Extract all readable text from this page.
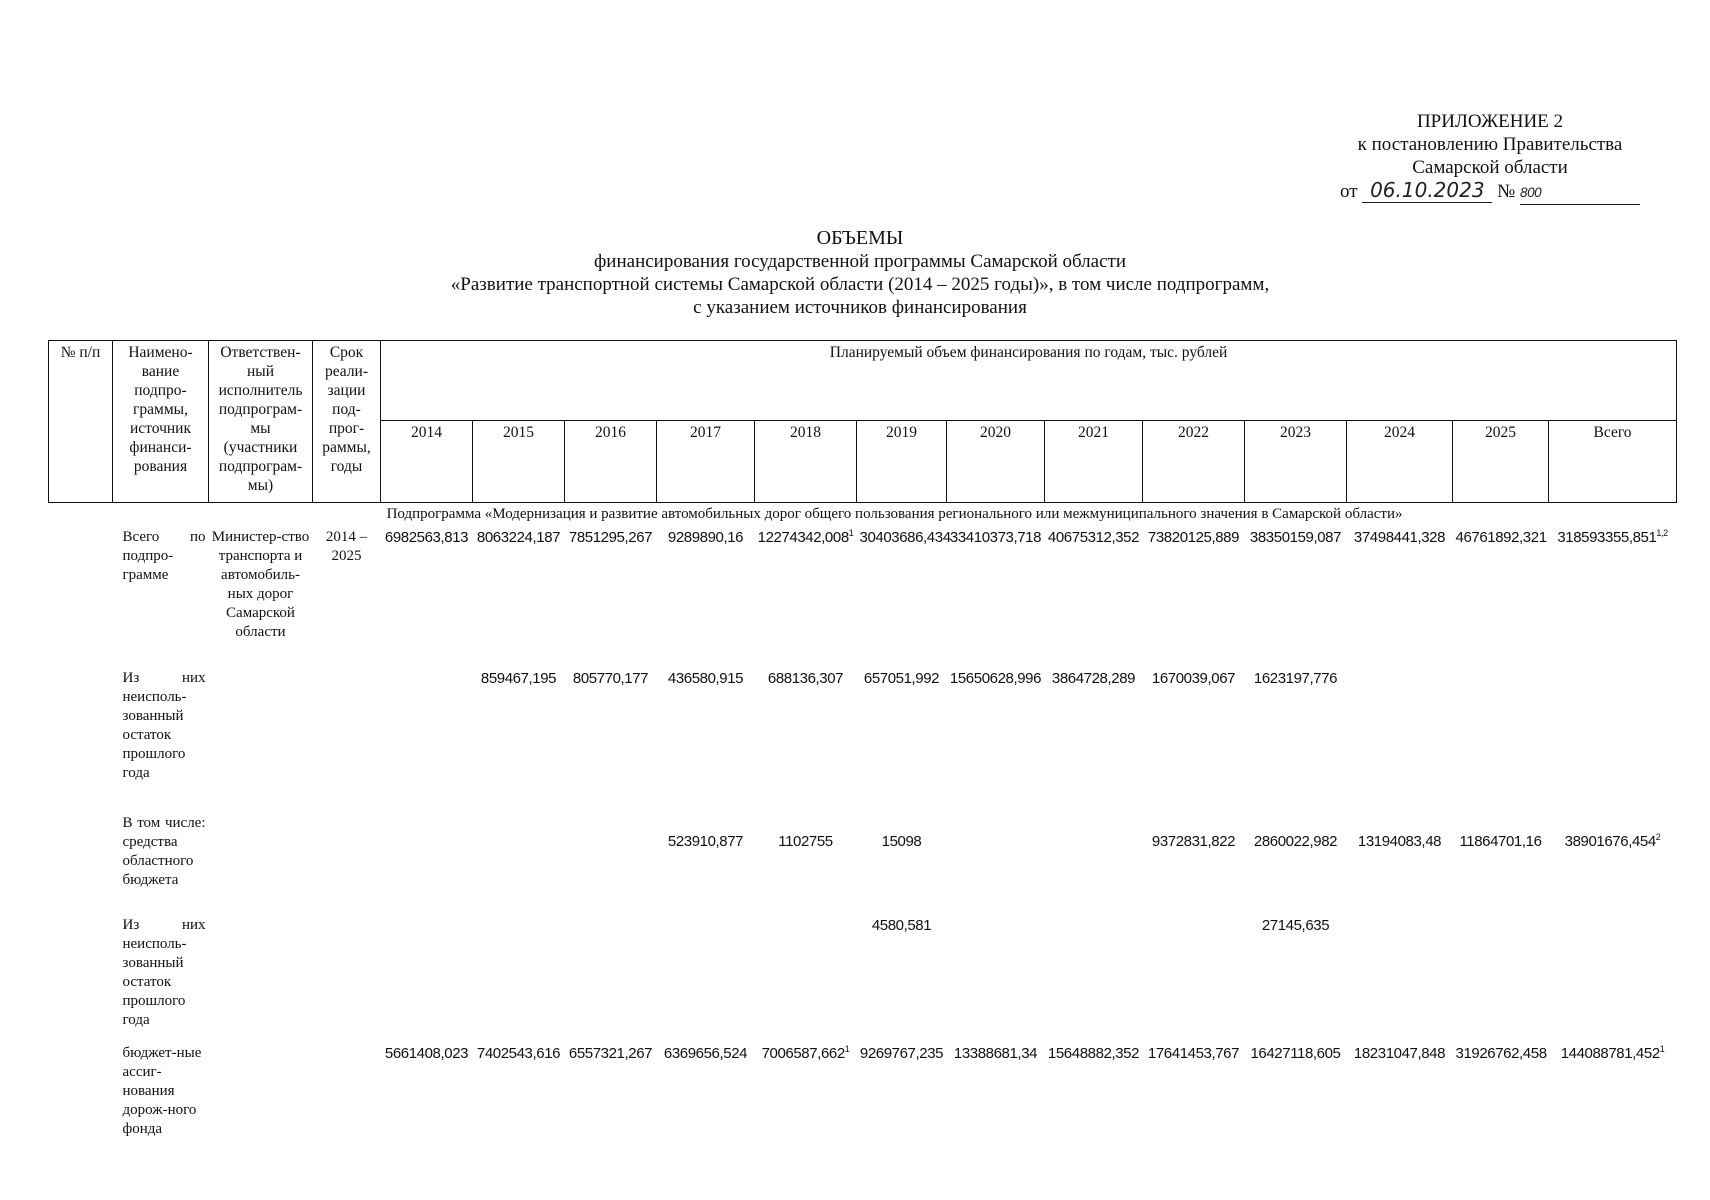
ПРИЛОЖЕНИЕ 2
к постановлению Правительства
Самарской области
от 06.10.2023 № 800
ОБЪЕМЫ
финансирования государственной программы Самарской области
«Развитие транспортной системы Самарской области (2014 – 2025 годы)», в том числе подпрограмм,
с указанием источников финансирования
№ п/п	Наимено-вание подпро-граммы, источник финанси-рования	Ответствен-ный исполнитель подпрограм-мы (участники подпрограм-мы)	Срок реали-зации под-прог-раммы, годы	Планируемый объем финансирования по годам, тыс. рублей												
				2014	2015	2016	2017	2018	2019	2020	2021	2022	2023	2024	2025	Всего
	Подпрограмма «Модернизация и развитие автомобильных дорог общего пользования регионального или межмуниципального значения в Самарской области»															
	Всего по подпро-грамме	Министер-ство транспорта и автомобиль-ных дорог Самарской области	2014 – 2025	6982563,813	8063224,187	7851295,267	9289890,16	12274342,008$^1$	30403686,434	33410373,718	40675312,352	73820125,889	38350159,087	37498441,328	46761892,321	318593355,851$^{1,2}$
	Из них неисполь-зованный остаток прошлого года				859467,195	805770,177	436580,915	688136,307	657051,992	15650628,996	3864728,289	1670039,067	1623197,776			
	В том числе: средства областного бюджета						523910,877	1102755	15098			9372831,822	2860022,982	13194083,48	11864701,16	38901676,454$^2$
	Из них неисполь-зованный остаток прошлого года								4580,581				27145,635			
	бюджет-ные ассиг-нования дорож-ного фонда			5661408,023	7402543,616	6557321,267	6369656,524	7006587,662$^1$	9269767,235	13388681,34	15648882,352	17641453,767	16427118,605	18231047,848	31926762,458	144088781,452$^1$
